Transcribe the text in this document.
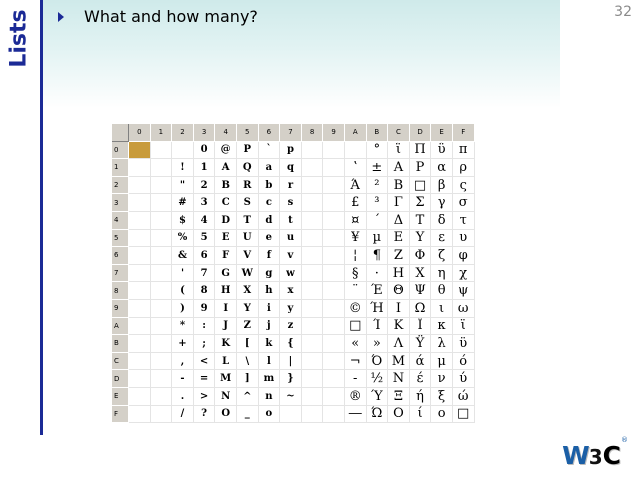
Lists	What and how many?	32
	0	1	2	3	4	5	6	7	8	9	A	B	C	D	E	F
0				0	@	P	`	p				°	ΐ	Π	ΰ	π
1			!	1	A	Q	a	q			ʽ	±	Α	Ρ	α	ρ
2			"	2	B	R	b	r			Ά	²	Β	□	β	ς
3			#	3	C	S	c	s			£	³	Γ	Σ	γ	σ
4			$	4	D	T	d	t			¤	΄	Δ	Τ	δ	τ
5			%	5	E	U	e	u			¥	µ	Ε	Υ	ε	υ
6			&	6	F	V	f	v			¦	¶	Ζ	Φ	ζ	φ
7			'	7	G	W	g	w			§	·	Η	Χ	η	χ
8			(	8	H	X	h	x			¨	Έ	Θ	Ψ	θ	ψ
9			)	9	I	Y	i	y			©	Ή	Ι	Ω	ι	ω
A			*	:	J	Z	j	z			□	Ί	Κ	Ϊ	κ	ϊ
B			+	;	K	[	k	{			«	»	Λ	Ϋ	λ	ϋ
C			,	<	L	\	l	|			¬	Ό	Μ	ά	μ	ό
D			-	=	M	]	m	}			-	½	Ν	έ	ν	ύ
E			.	>	N	^	n	~			®	Ύ	Ξ	ή	ξ	ώ
F			/	?	O	_	o				―	Ώ	Ο	ί	ο	□
W 3 C
®
